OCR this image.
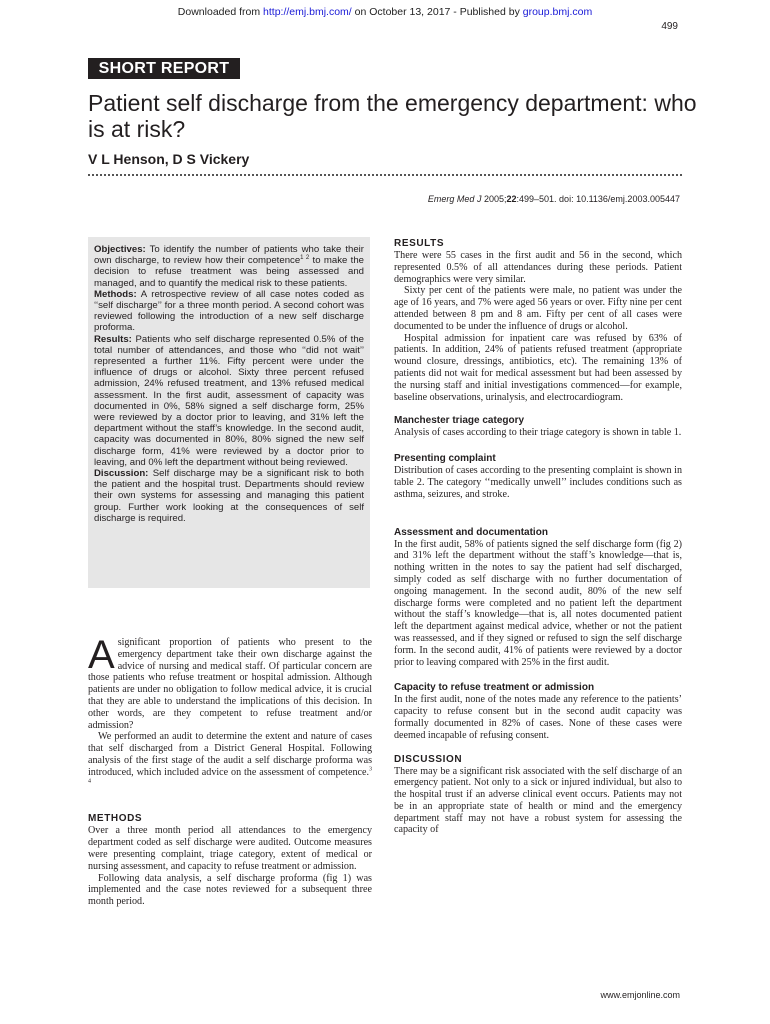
Downloaded from http://emj.bmj.com/ on October 13, 2017 - Published by group.bmj.com
499
SHORT REPORT
Patient self discharge from the emergency department: who is at risk?
V L Henson, D S Vickery
Emerg Med J 2005;22:499–501. doi: 10.1136/emj.2003.005447

Objectives: To identify the number of patients who take their own discharge, to review how their competence$^{1 2}$ to make the decision to refuse treatment was being assessed and managed, and to quantify the medical risk to these patients.

Methods: A retrospective review of all case notes coded as ‘‘self discharge’’ for a three month period. A second cohort was reviewed following the introduction of a new self discharge proforma.

Results: Patients who self discharge represented 0.5% of the total number of attendances, and those who ‘‘did not wait’’ represented a further 11%. Fifty percent were under the influence of drugs or alcohol. Sixty three percent refused admission, 24% refused treatment, and 13% refused medical assessment. In the first audit, assessment of capacity was documented in 0%, 58% signed a self discharge form, 25% were reviewed by a doctor prior to leaving, and 31% left the department without the staff’s knowledge. In the second audit, capacity was documented in 80%, 80% signed the new self discharge form, 41% were reviewed by a doctor prior to leaving, and 0% left the department without being reviewed.

Discussion: Self discharge may be a significant risk to both the patient and the hospital trust. Departments should review their own systems for assessing and managing this patient group. Further work looking at the consequences of self discharge is required.

Asignificant proportion of patients who present to the emergency department take their own discharge against the advice of nursing and medical staff. Of particular concern are those patients who refuse treatment or hospital admission. Although patients are under no obligation to follow medical advice, it is crucial that they are able to understand the implications of this decision. In other words, are they competent to refuse treatment and/or admission?

We performed an audit to determine the extent and nature of cases that self discharged from a District General Hospital. Following analysis of the first stage of the audit a self discharge proforma was introduced, which included advice on the assessment of competence.$^{3 4}$

METHODS

Over a three month period all attendances to the emergency department coded as self discharge were audited. Outcome measures were presenting complaint, triage category, extent of medical or nursing assessment, and capacity to refuse treatment or admission.

Following data analysis, a self discharge proforma (fig 1) was implemented and the case notes reviewed for a subsequent three month period.

RESULTS

There were 55 cases in the first audit and 56 in the second, which represented 0.5% of all attendances during these periods. Patient demographics were very similar.

Sixty per cent of the patients were male, no patient was under the age of 16 years, and 7% were aged 56 years or over. Fifty nine per cent attended between 8 pm and 8 am. Fifty per cent of all cases were documented to be under the influence of drugs or alcohol.

Hospital admission for inpatient care was refused by 63% of patients. In addition, 24% of patients refused treatment (appropriate wound closure, dressings, antibiotics, etc). The remaining 13% of patients did not wait for medical assessment but had been assessed by the nursing staff and initial investigations commenced—for example, baseline observations, urinalysis, and electrocardiogram.

Manchester triage category

Analysis of cases according to their triage category is shown in table 1.

Presenting complaint

Distribution of cases according to the presenting complaint is shown in table 2. The category ‘‘medically unwell’’ includes conditions such as asthma, seizures, and stroke.

Assessment and documentation

In the first audit, 58% of patients signed the self discharge form (fig 2) and 31% left the department without the staff’s knowledge—that is, nothing written in the notes to say the patient had self discharged, simply coded as self discharge with no further documentation of ongoing management. In the second audit, 80% of the new self discharge forms were completed and no patient left the department without the staff’s knowledge—that is, all notes documented patient left the department against medical advice, whether or not the patient was reassessed, and if they signed or refused to sign the self discharge form. In the second audit, 41% of patients were reviewed by a doctor prior to leaving compared with 25% in the first audit.

Capacity to refuse treatment or admission

In the first audit, none of the notes made any reference to the patients’ capacity to refuse consent but in the second audit capacity was formally documented in 82% of cases. None of these cases were deemed incapable of refusing consent.

DISCUSSION

There may be a significant risk associated with the self discharge of an emergency patient. Not only to a sick or injured individual, but also to the hospital trust if an adverse clinical event occurs. Patients may not be in an appropriate state of health or mind and the emergency department staff may not have a robust system for assessing the capacity of

www.emjonline.com
